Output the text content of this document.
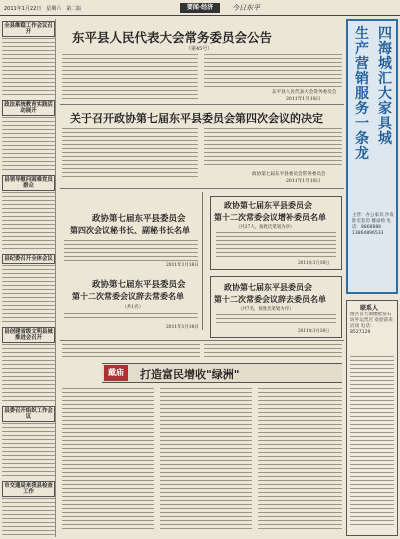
2011年1月22日　星期六　第二版	要闻·经济	今日东平
全县维稳工作会议召开
政法系统教育实践活动展开
县领导慰问困难党员群众
县纪委召开全体会议
县创建省级文明县城推进会召开
县委召开组织工作会议
市交通局来我县检查工作
东平县人民代表大会常务委员会公告
（第45号）
东平县人民代表大会常务委员会
2011年1月18日
关于召开政协第七届东平县委员会第四次会议的决定
政协第七届东平县委员会常务委员会
2011年1月18日
政协第七届东平县委员会
第四次会议秘书长、副秘书长名单
2011年1月18日
政协第七届东平县委员会
第十二次常委会议辞去常委名单
（共1名）
2011年1月18日
政协第七届东平县委员会
第十二次常委会议增补委员名单
（共27人，按姓氏笔划为序）
2011年1月18日
政协第七届东平县委员会
第十二次常委会议辞去委员名单
（共7名，按姓氏笔划为序）
2011年1月18日
戴庙	打造富民增收"绿洲"
四海城汇大家具城
生产营销服务一条龙
主营：办公家具 沙发 卧室套房 餐桌椅 电话：8868888
13864896533
联系人
理吾首大酒楼批发石坊外运营店 欢迎前来洽谈 电话：8527129
